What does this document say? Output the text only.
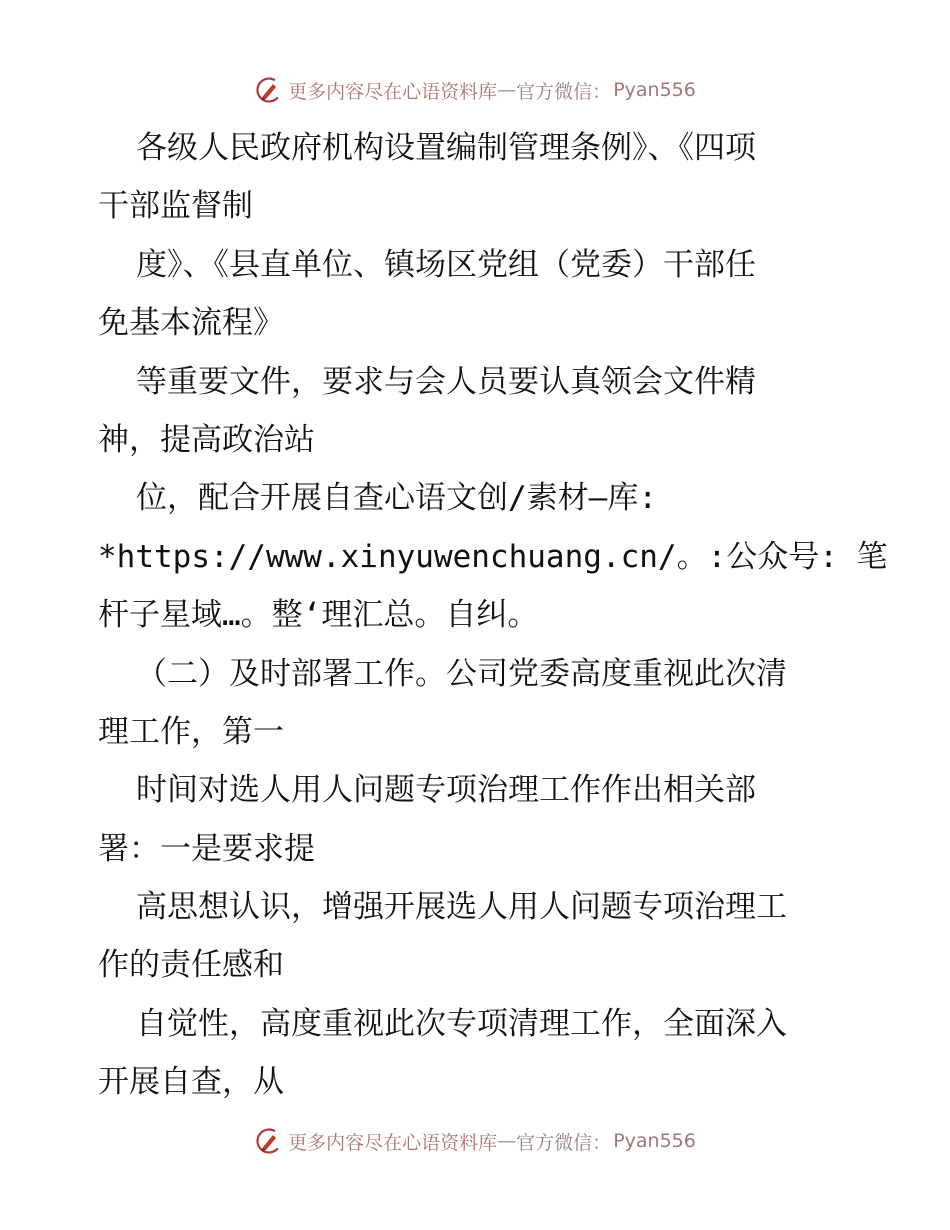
更多内容尽在心语资料库 — 官方微信： Pyan556
各级人民政府机构设置编制管理条例》、《四项
干部监督制
度》、《县直单位、镇场区党组（党委）干部任
免基本流程》
等重要文件，要求与会人员要认真领会文件精
神，提高政治站
位，配合开展自查心语文创/素材—库:
*https://www.xinyuwenchuang.cn/。:公众号: 笔
杆子星域…。整‘理汇总。自纠。
（二）及时部署工作。公司党委高度重视此次清
理工作，第一
时间对选人用人问题专项治理工作作出相关部
署：一是要求提
高思想认识，增强开展选人用人问题专项治理工
作的责任感和
自觉性，高度重视此次专项清理工作，全面深入
开展自查，从
更多内容尽在心语资料库 — 官方微信： Pyan556
